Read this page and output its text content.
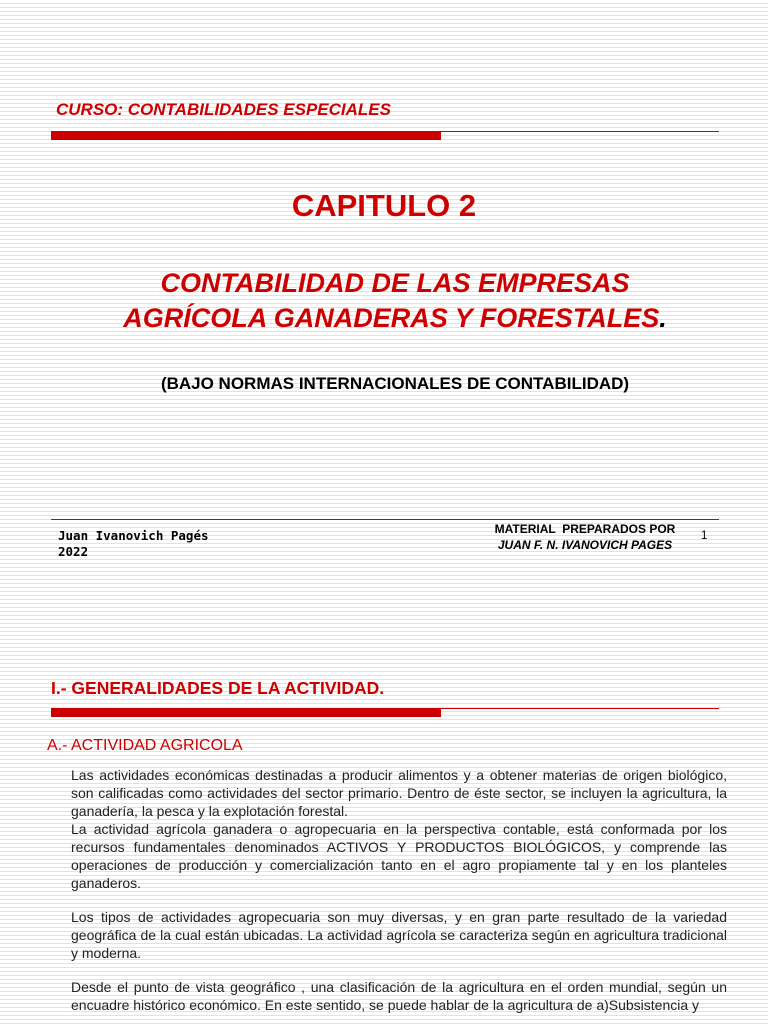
CURSO: CONTABILIDADES ESPECIALES
CAPITULO 2
CONTABILIDAD DE LAS EMPRESAS
AGRÍCOLA GANADERAS Y FORESTALES.
(BAJO NORMAS INTERNACIONALES DE CONTABILIDAD)
Juan Ivanovich Pagés
2022
MATERIAL  PREPARADOS POR
JUAN F. N. IVANOVICH PAGES
1
I.- GENERALIDADES DE LA ACTIVIDAD.
A.- ACTIVIDAD AGRICOLA

Las actividades económicas destinadas a producir alimentos y a obtener materias de origen biológico, son calificadas como actividades del sector primario. Dentro de éste sector, se incluyen la agricultura, la ganadería, la pesca y la explotación forestal.

La actividad agrícola ganadera o agropecuaria en la perspectiva contable, está conformada por los recursos fundamentales denominados ACTIVOS Y PRODUCTOS BIOLÓGICOS, y comprende las operaciones de producción y comercialización tanto en el agro propiamente tal y en los planteles ganaderos.

Los tipos de actividades agropecuaria son muy diversas, y en gran parte resultado de la variedad geográfica de la cual están ubicadas. La actividad agrícola se caracteriza según en agricultura tradicional y moderna.

Desde el punto de vista geográfico , una clasificación de la agricultura en el orden mundial, según un encuadre histórico económico. En este sentido, se puede hablar de la agricultura de a)Subsistencia y
